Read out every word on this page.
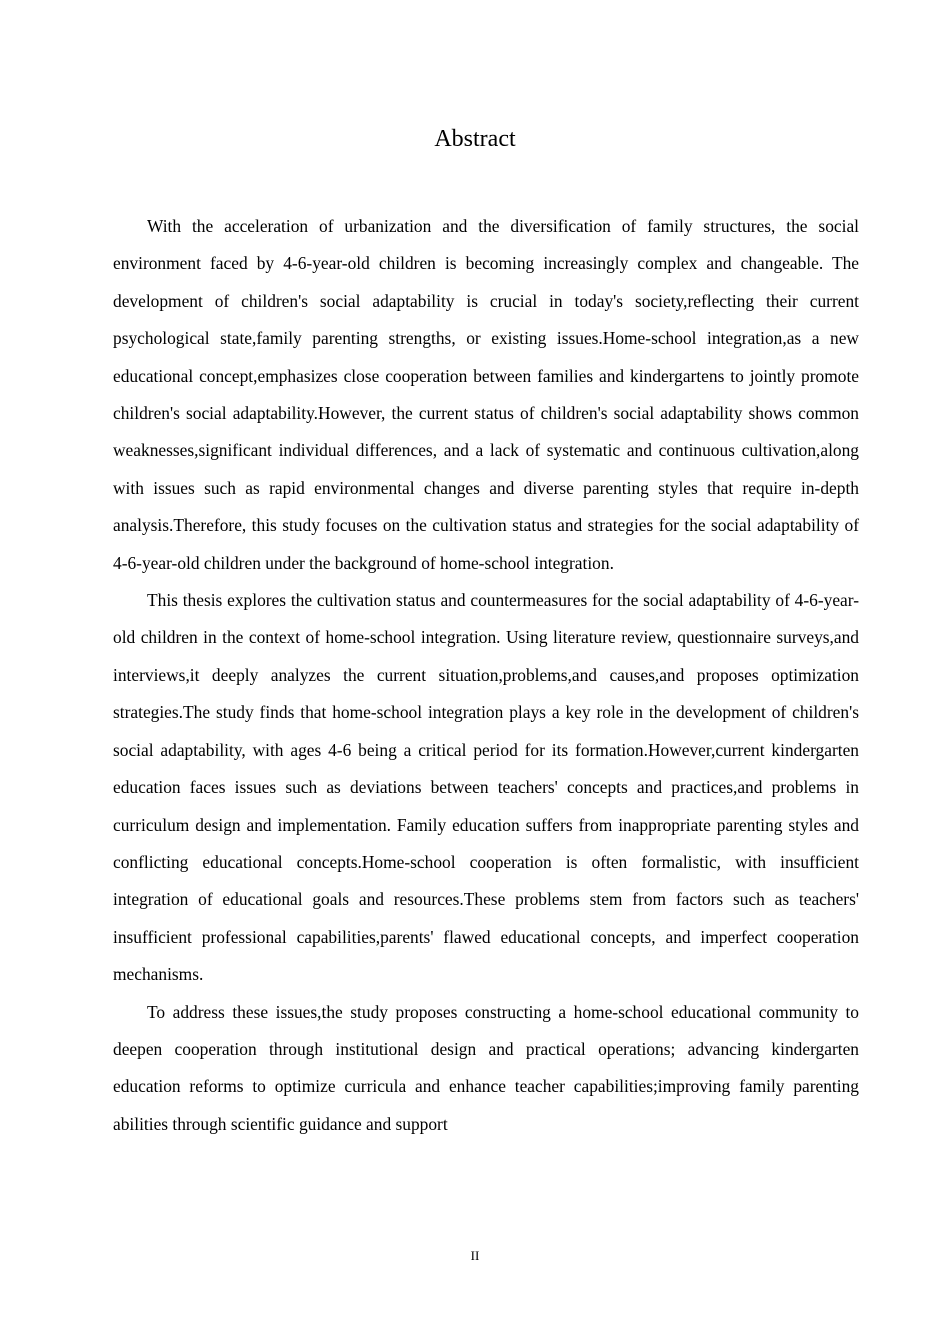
Abstract

With the acceleration of urbanization and the diversification of family structures, the social environment faced by 4-6-year-old children is becoming increasingly complex and changeable. The development of children's social adaptability is crucial in today's society,reflecting their current psychological state,family parenting strengths, or existing issues.Home-school integration,as a new educational concept,emphasizes close cooperation between families and kindergartens to jointly promote children's social adaptability.However, the current status of children's social adaptability shows common weaknesses,significant individual differences, and a lack of systematic and continuous cultivation,along with issues such as rapid environmental changes and diverse parenting styles that require in-depth analysis.Therefore, this study focuses on the cultivation status and strategies for the social adaptability of 4-6-year-old children under the background of home-school integration.

This thesis explores the cultivation status and countermeasures for the social adaptability of 4-6-year-old children in the context of home-school integration. Using literature review, questionnaire surveys,and interviews,it deeply analyzes the current situation,problems,and causes,and proposes optimization strategies.The study finds that home-school integration plays a key role in the development of children's social adaptability, with ages 4-6 being a critical period for its formation.However,current kindergarten education faces issues such as deviations between teachers' concepts and practices,and problems in curriculum design and implementation. Family education suffers from inappropriate parenting styles and conflicting educational concepts.Home-school cooperation is often formalistic, with insufficient integration of educational goals and resources.These problems stem from factors such as teachers' insufficient professional capabilities,parents' flawed educational concepts, and imperfect cooperation mechanisms.

To address these issues,the study proposes constructing a home-school educational community to deepen cooperation through institutional design and practical operations; advancing kindergarten education reforms to optimize curricula and enhance teacher capabilities;improving family parenting abilities through scientific guidance and support

II
